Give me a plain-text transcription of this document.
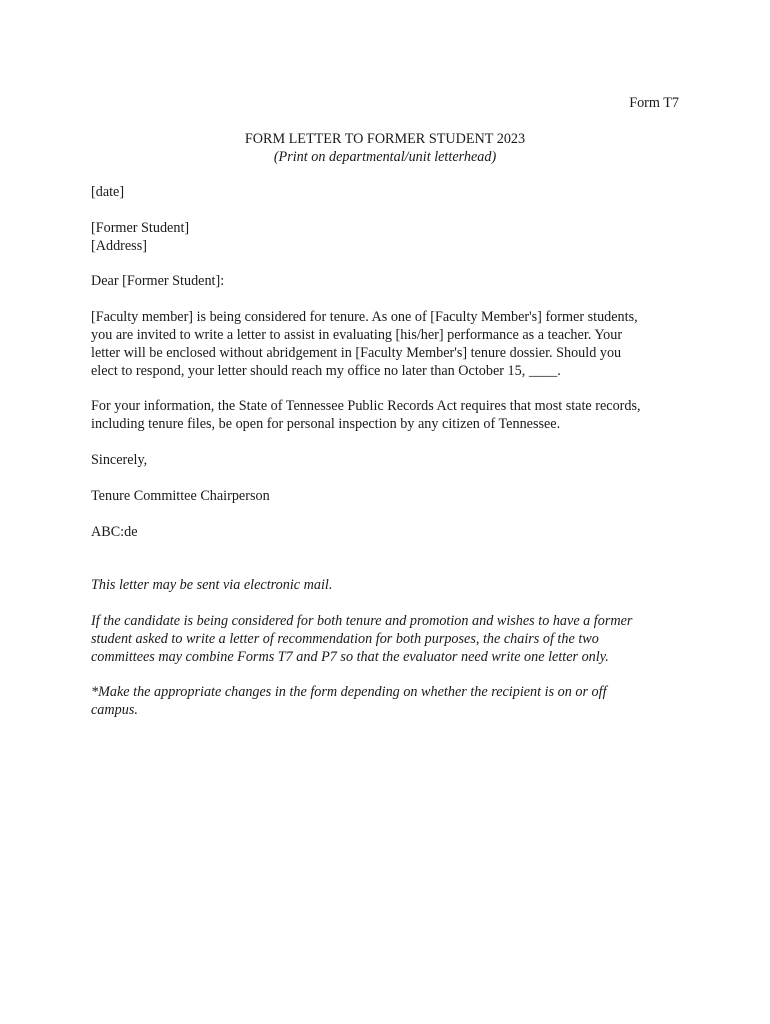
Form T7

FORM LETTER TO FORMER STUDENT 2023
(Print on departmental/unit letterhead)

[date]

[Former Student]
[Address]

Dear [Former Student]:

[Faculty member] is being considered for tenure. As one of [Faculty Member's] former students,
you are invited to write a letter to assist in evaluating [his/her] performance as a teacher. Your
letter will be enclosed without abridgement in [Faculty Member's] tenure dossier. Should you
elect to respond, your letter should reach my office no later than October 15, ____.
For your information, the State of Tennessee Public Records Act requires that most state records,
including tenure files, be open for personal inspection by any citizen of Tennessee.

Sincerely,

Tenure Committee Chairperson

ABC:de

This letter may be sent via electronic mail.

If the candidate is being considered for both tenure and promotion and wishes to have a former
student asked to write a letter of recommendation for both purposes, the chairs of the two
committees may combine Forms T7 and P7 so that the evaluator need write one letter only.
*Make the appropriate changes in the form depending on whether the recipient is on or off
campus.
